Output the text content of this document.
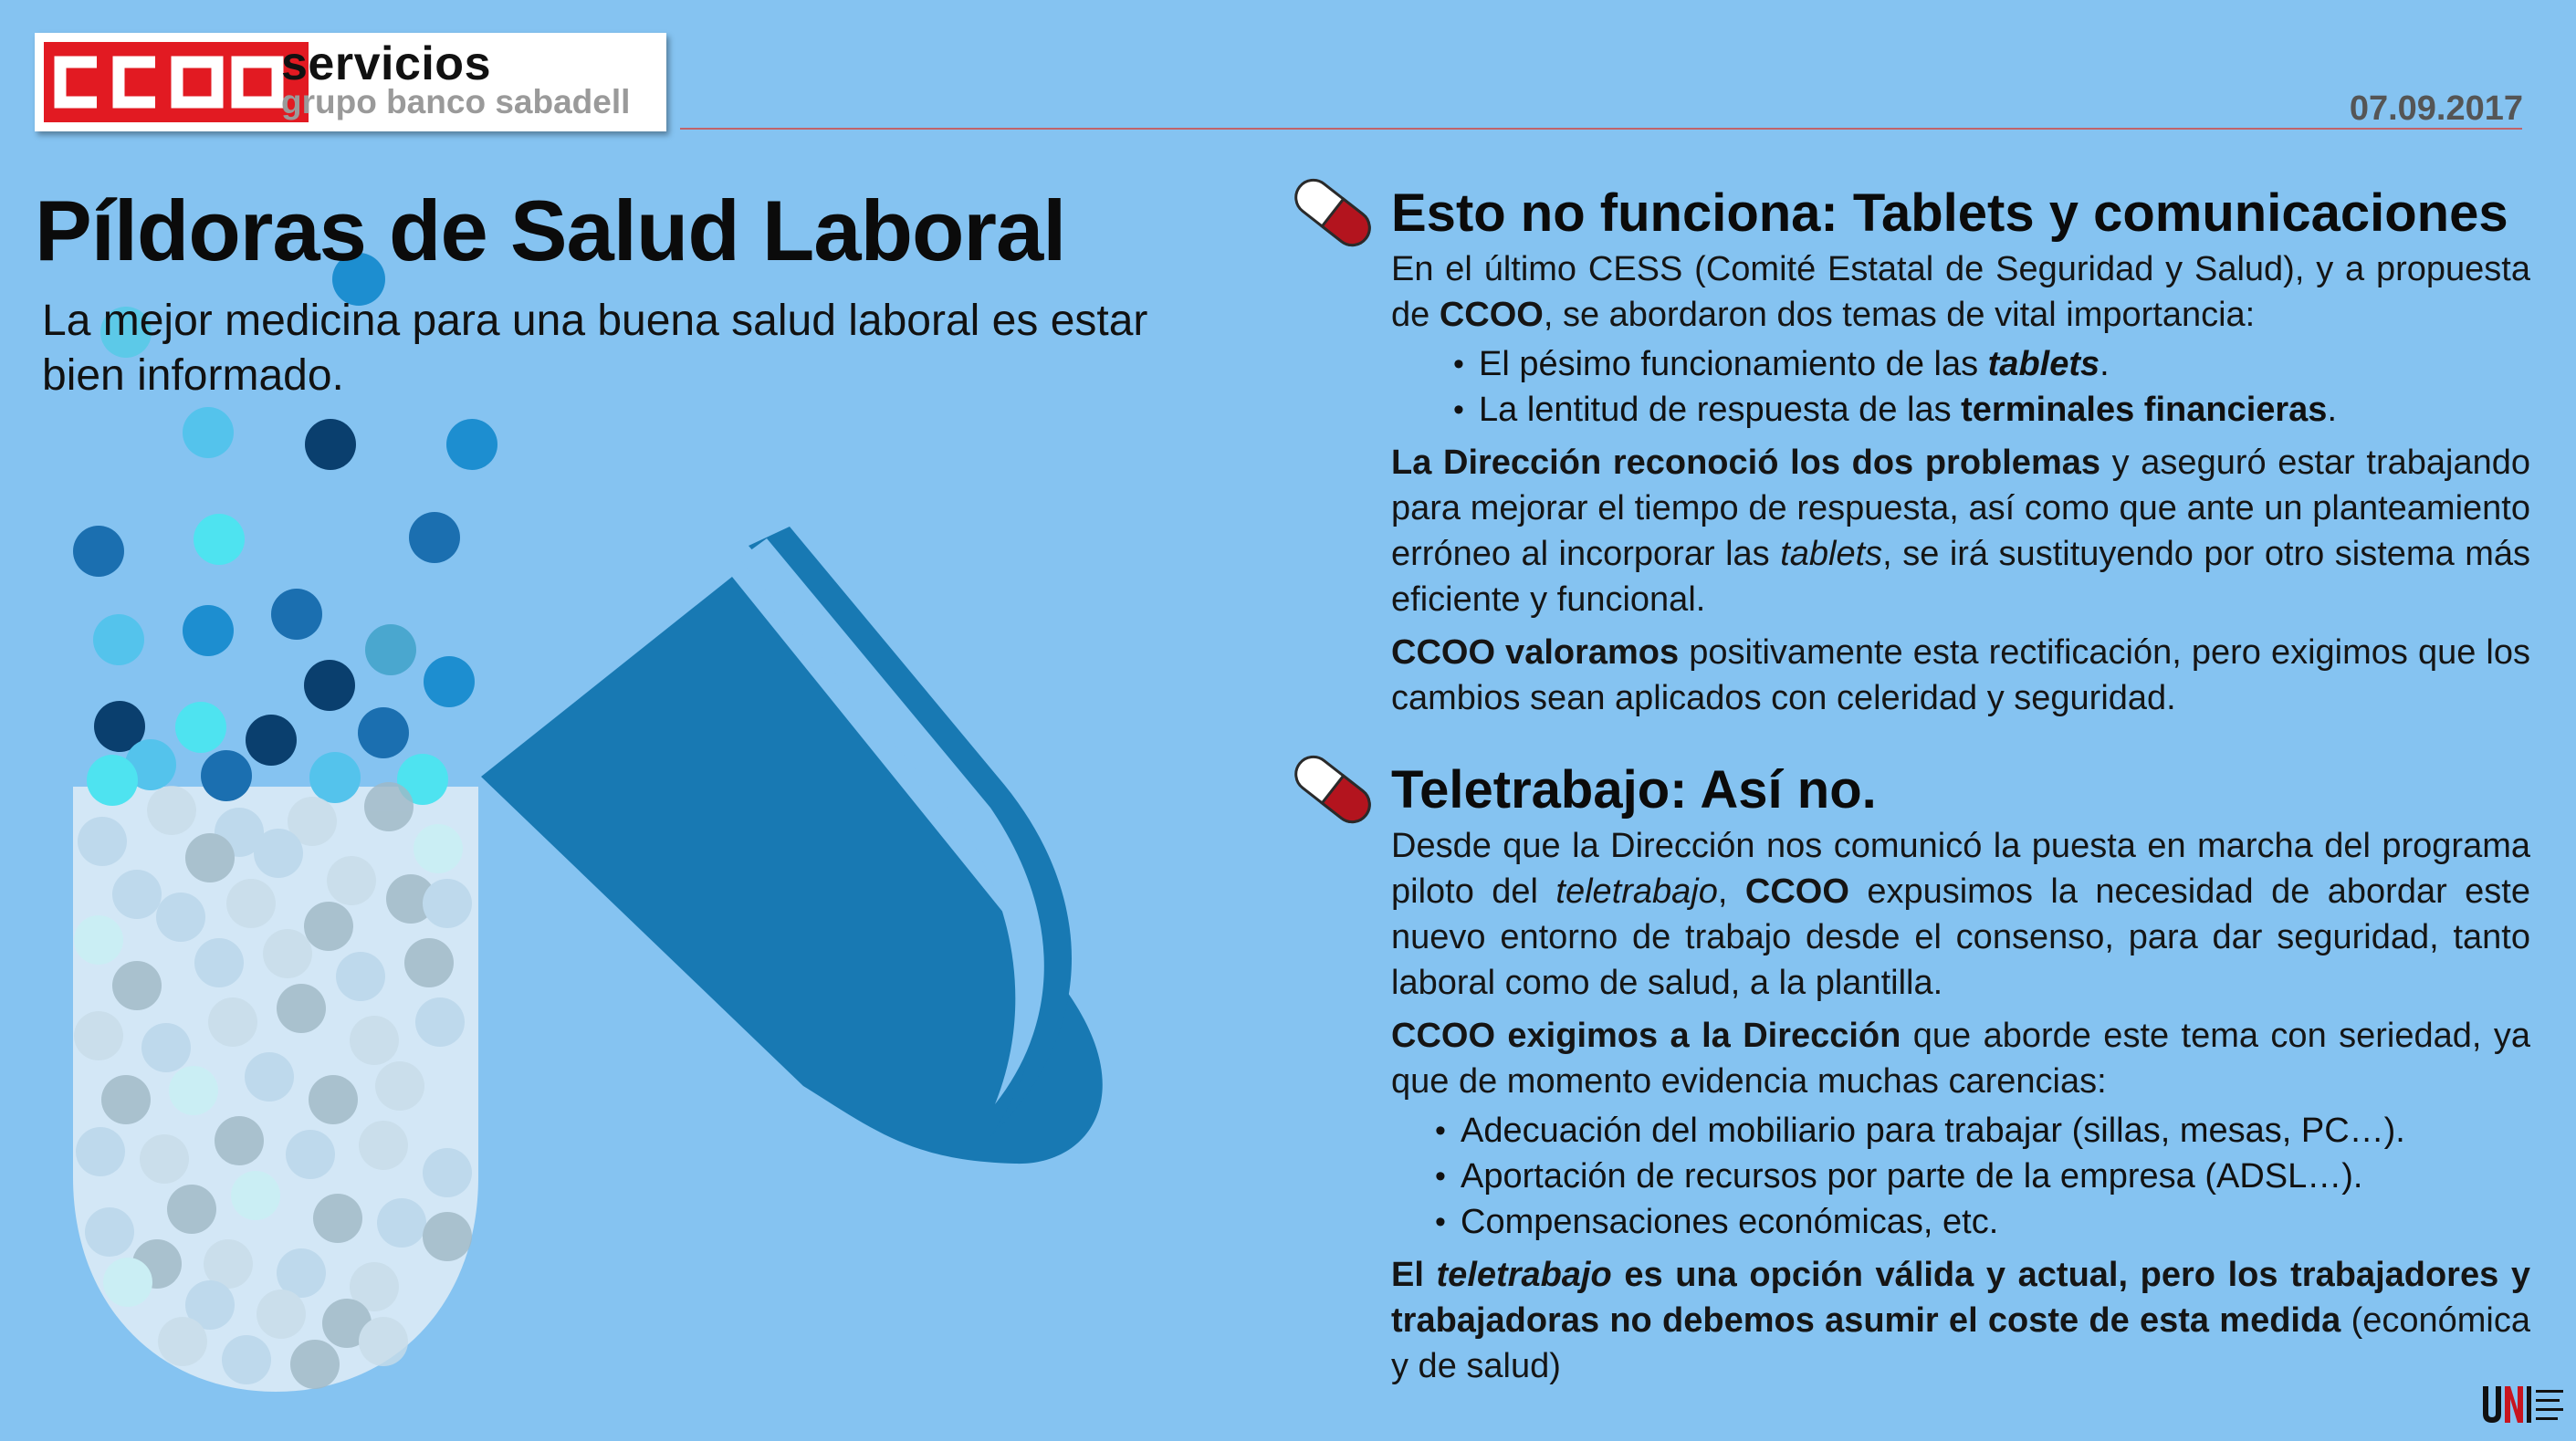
servicios
grupo banco sabadell	07.09.2017
Píldoras de Salud Laboral
La mejor medicina para una buena salud laboral es estar bien informado.
Esto no funciona: Tablets y comunicaciones

En el último CESS (Comité Estatal de Seguridad y Salud), y a propuesta de CCOO, se abordaron dos temas de vital importancia:

• El pésimo funcionamiento de las tablets.
• La lentitud de respuesta de las terminales financieras.

La Dirección reconoció los dos problemas y aseguró estar trabajando para mejorar el tiempo de respuesta, así como que ante un planteamiento erróneo al incorporar las tablets, se irá sustituyendo por otro sistema más eficiente y funcional.

CCOO valoramos positivamente esta rectificación, pero exigimos que los cambios sean aplicados con celeridad y seguridad.

Teletrabajo: Así no.

Desde que la Dirección nos comunicó la puesta en marcha del programa piloto del teletrabajo, CCOO expusimos la necesidad de abordar este nuevo entorno de trabajo desde el consenso, para dar seguridad, tanto laboral como de salud, a la plantilla.

CCOO exigimos a la Dirección que aborde este tema con seriedad, ya que de momento evidencia muchas carencias:

• Adecuación del mobiliario para trabajar (sillas, mesas, PC…).
• Aportación de recursos por parte de la empresa (ADSL…).
• Compensaciones económicas, etc.

El teletrabajo es una opción válida y actual, pero los trabajadores y trabajadoras no debemos asumir el coste de esta medida (económica y de salud)
